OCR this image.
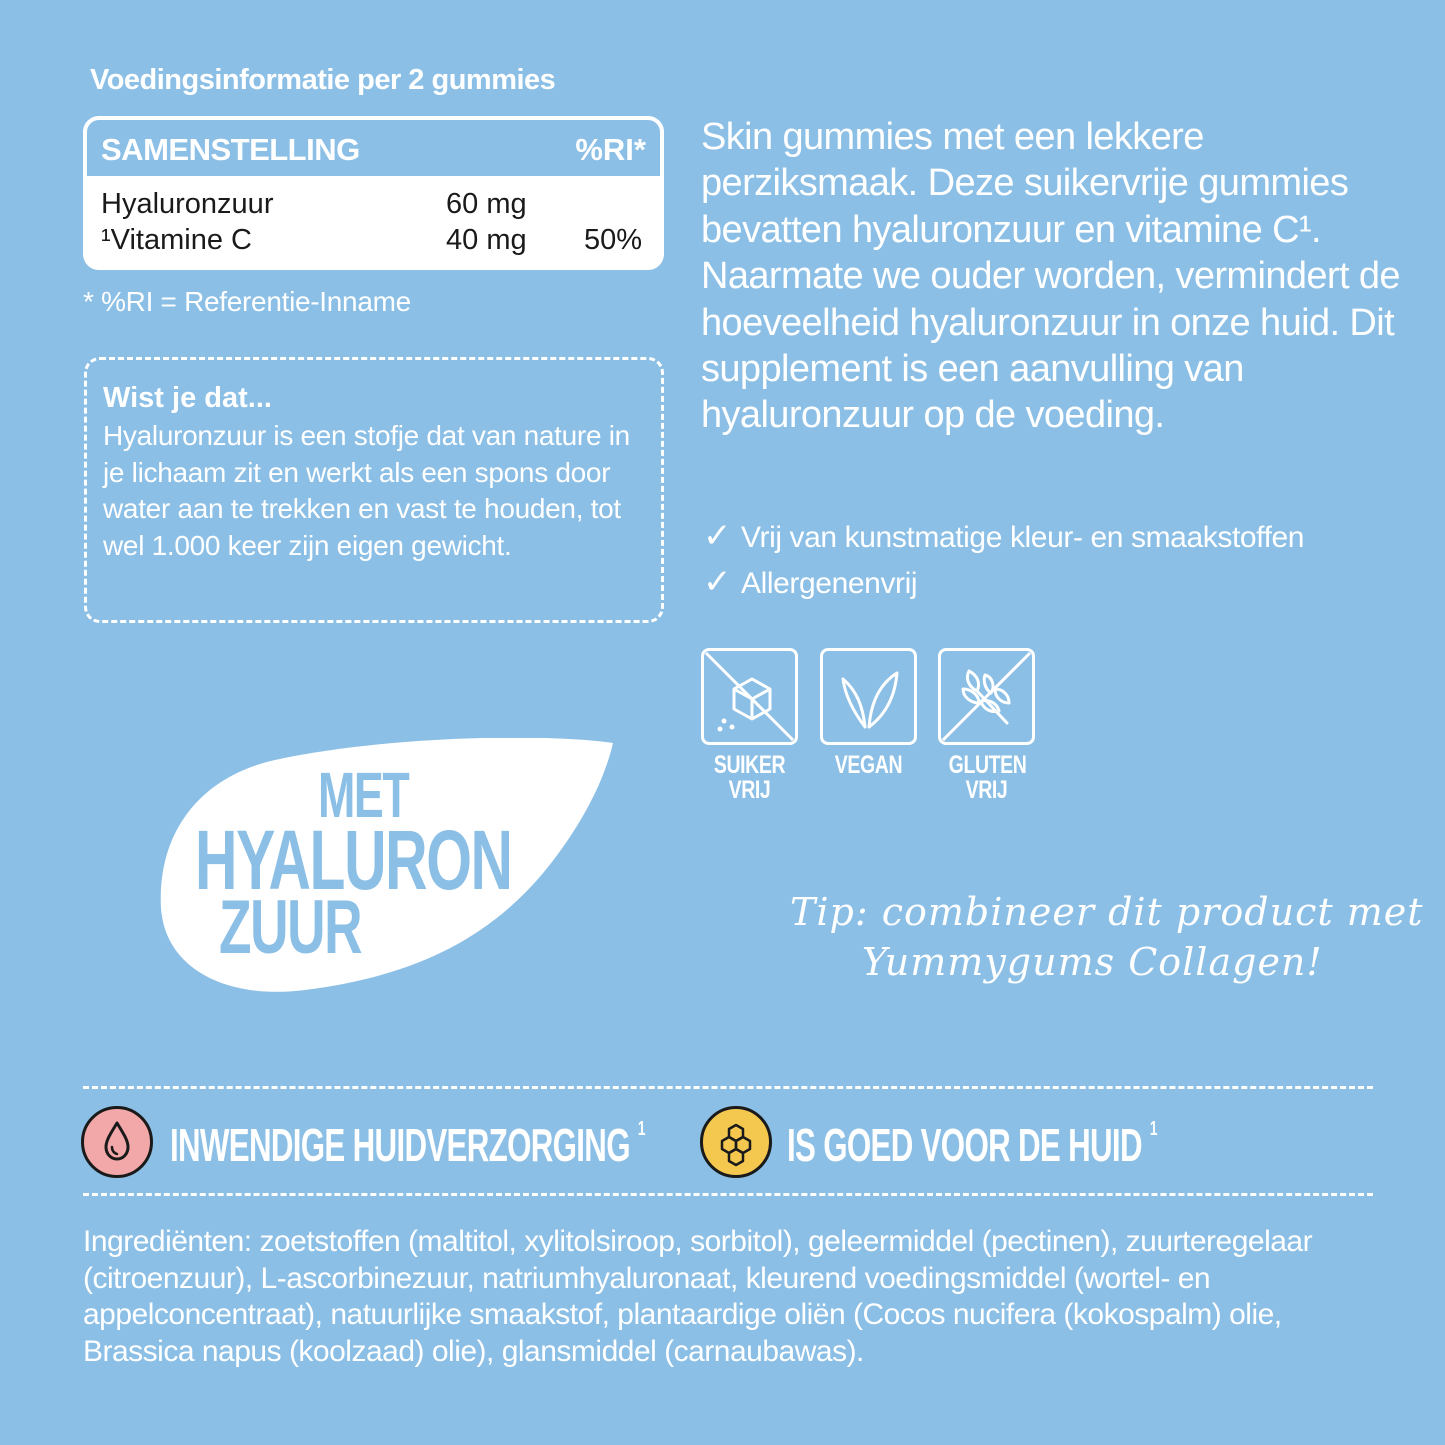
Voedingsinformatie per 2 gummies
SAMENSTELLING	%RI*
Hyaluronzuur	60 mg
¹Vitamine C	40 mg 50%
* %RI = Referentie-Inname
Wist je dat...
Hyaluronzuur is een stofje dat van nature in je lichaam zit en werkt als een spons door water aan te trekken en vast te houden, tot wel 1.000 keer zijn eigen gewicht.
Skin gummies met een lekkere perziksmaak. Deze suikervrije gummies bevatten hyaluronzuur en vitamine C¹. Naarmate we ouder worden, vermindert de hoeveelheid hyaluronzuur in onze huid. Dit supplement is een aanvulling van hyaluronzuur op de voeding.
✓ Vrij van kunstmatige kleur- en smaakstoffen
✓ Allergenenvrij
SUIKER
VRIJ
VEGAN GLUTEN
VRIJ
MET
HYALURON
ZUUR	Tip: combineer dit product met
Yummygums Collagen!
INWENDIGE HUIDVERZORGING $^1$	IS GOED VOOR DE HUID $^1$
Ingrediënten: zoetstoffen (maltitol, xylitolsiroop, sorbitol), geleermiddel (pectinen), zuurteregelaar (citroenzuur), L-ascorbinezuur, natriumhyaluronaat, kleurend voedingsmiddel (wortel- en appelconcentraat), natuurlijke smaakstof, plantaardige oliën (Cocos nucifera (kokospalm) olie, Brassica napus (koolzaad) olie), glansmiddel (carnaubawas).
